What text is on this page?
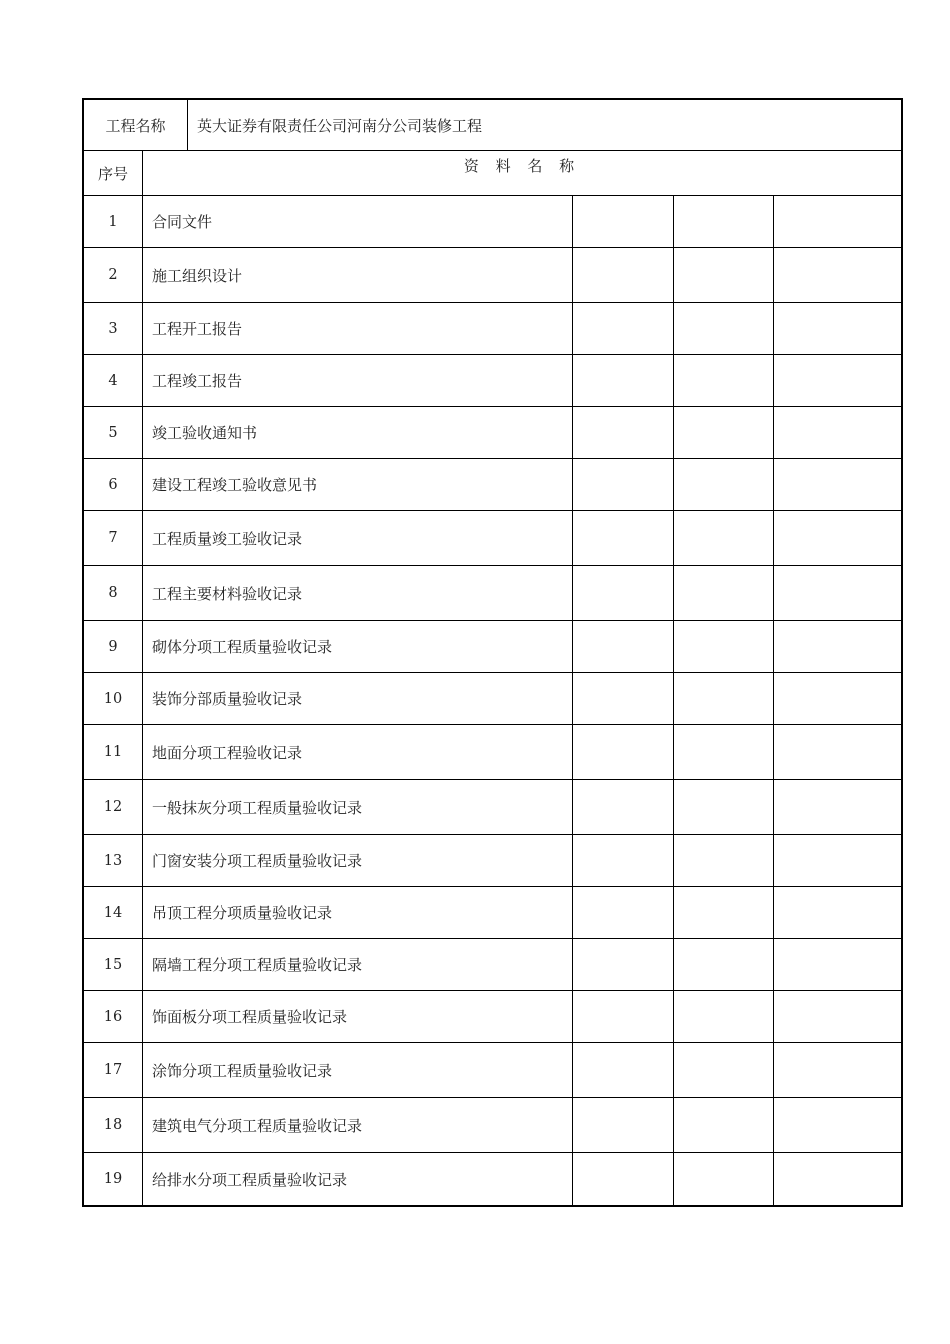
工程名称	英大证券有限责任公司河南分公司装修工程
序号	资 料 名 称
1	合同文件
2	施工组织设计
3	工程开工报告
4	工程竣工报告
5	竣工验收通知书
6	建设工程竣工验收意见书
7	工程质量竣工验收记录
8	工程主要材料验收记录
9	砌体分项工程质量验收记录
10	装饰分部质量验收记录
11	地面分项工程验收记录
12	一般抹灰分项工程质量验收记录
13	门窗安装分项工程质量验收记录
14	吊顶工程分项质量验收记录
15	隔墙工程分项工程质量验收记录
16	饰面板分项工程质量验收记录
17	涂饰分项工程质量验收记录
18	建筑电气分项工程质量验收记录
19	给排水分项工程质量验收记录
